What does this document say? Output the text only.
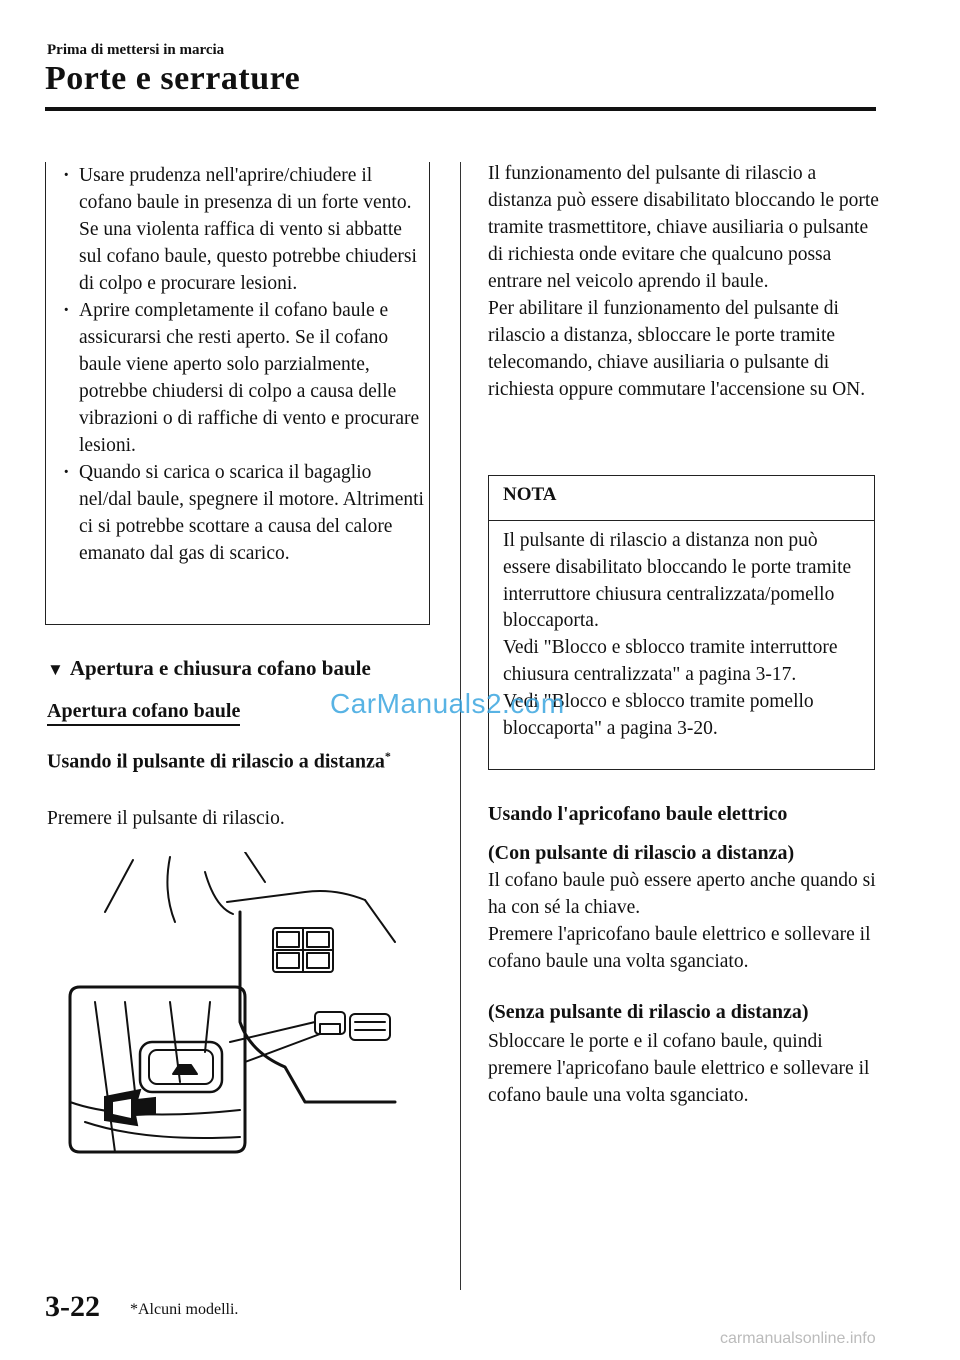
Prima di mettersi in marcia
Porte e serrature
· Usare prudenza nell'aprire/chiudere il cofano baule in presenza di un forte vento. Se una violenta raffica di vento si abbatte sul cofano baule, questo potrebbe chiudersi di colpo e procurare lesioni.
· Aprire completamente il cofano baule e assicurarsi che resti aperto. Se il cofano baule viene aperto solo parzialmente, potrebbe chiudersi di colpo a causa delle vibrazioni o di raffiche di vento e procurare lesioni.
· Quando si carica o scarica il bagaglio nel/dal baule, spegnere il motore. Altrimenti ci si potrebbe scottare a causa del calore emanato dal gas di scarico.
▼ Apertura e chiusura cofano baule
Apertura cofano baule
Usando il pulsante di rilascio a distanza*
Premere il pulsante di rilascio.
Il funzionamento del pulsante di rilascio a distanza può essere disabilitato bloccando le porte tramite trasmettitore, chiave ausiliaria o pulsante di richiesta onde evitare che qualcuno possa entrare nel veicolo aprendo il baule.
Per abilitare il funzionamento del pulsante di rilascio a distanza, sbloccare le porte tramite telecomando, chiave ausiliaria o pulsante di richiesta oppure commutare l'accensione su ON.
NOTA
Il pulsante di rilascio a distanza non può essere disabilitato bloccando le porte tramite interruttore chiusura centralizzata/pomello bloccaporta.
Vedi "Blocco e sblocco tramite interruttore chiusura centralizzata" a pagina 3-17.
Vedi "Blocco e sblocco tramite pomello bloccaporta" a pagina 3-20.
Usando l'apricofano baule elettrico
(Con pulsante di rilascio a distanza)
Il cofano baule può essere aperto anche quando si ha con sé la chiave.
Premere l'apricofano baule elettrico e sollevare il cofano baule una volta sganciato.
(Senza pulsante di rilascio a distanza)
Sbloccare le porte e il cofano baule, quindi premere l'apricofano baule elettrico e sollevare il cofano baule una volta sganciato.
CarManuals2.com
3-22 *Alcuni modelli.
carmanualsonline.info
